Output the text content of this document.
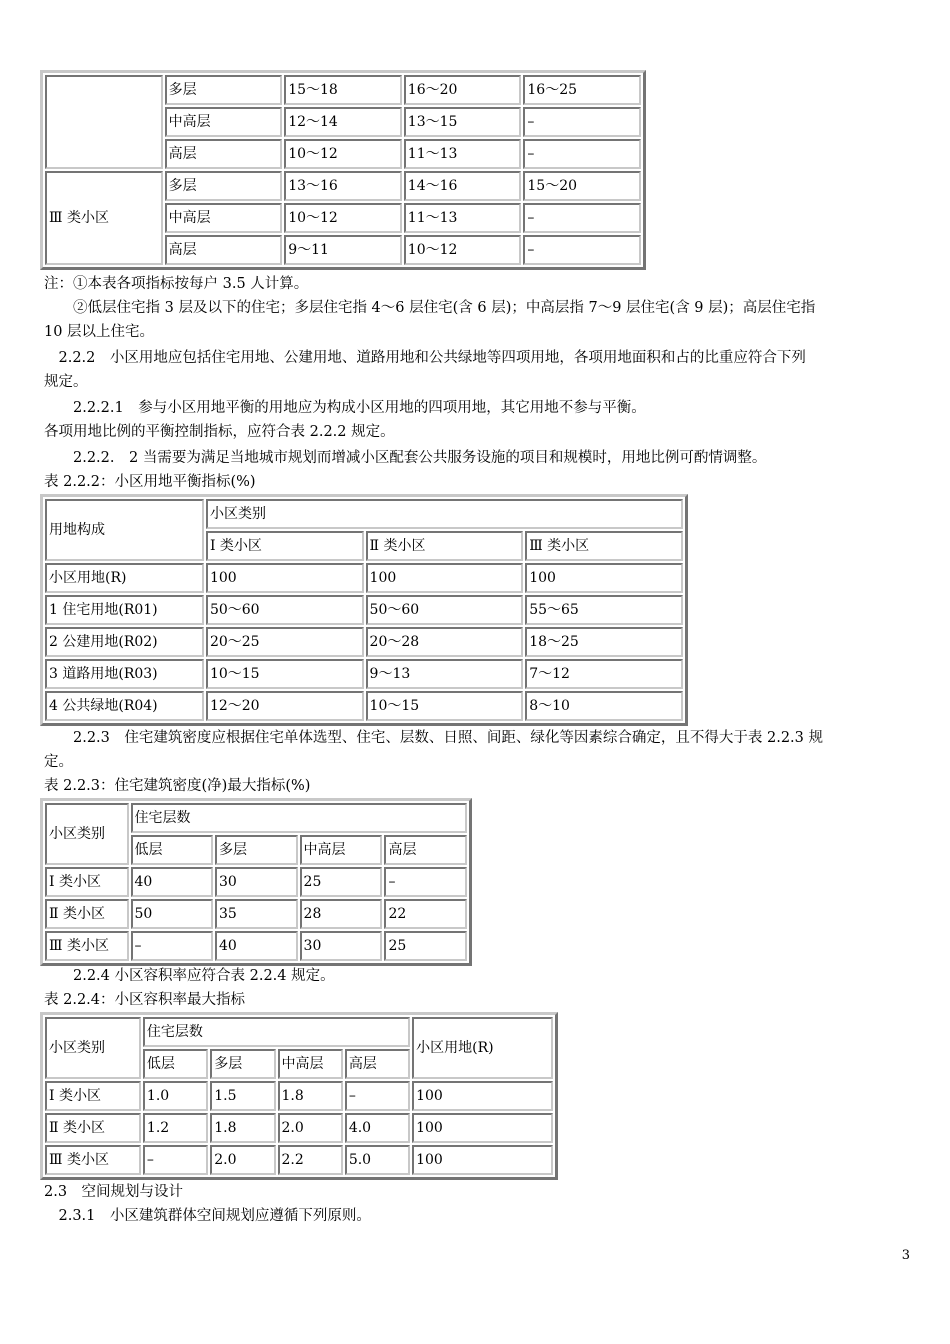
	多层	15～18	16～20	16～25
	中高层	12～14	13～15	–
	高层	10～12	11～13	–
Ⅲ 类小区	多层	13～16	14～16	15～20
	中高层	10～12	11～13	–
	高层	9～11	10～12	–
注：①本表各项指标按每户 3.5 人计算。
　　②低层住宅指 3 层及以下的住宅；多层住宅指 4～6 层住宅(含 6 层)；中高层指 7～9 层住宅(含 9 层)；高层住宅指
10 层以上住宅。
　2.2.2　小区用地应包括住宅用地、公建用地、道路用地和公共绿地等四项用地，各项用地面积和占的比重应符合下列
规定。
　　2.2.2.1　参与小区用地平衡的用地应为构成小区用地的四项用地，其它用地不参与平衡。
各项用地比例的平衡控制指标，应符合表 2.2.2 规定。
　　2.2.2.　2 当需要为满足当地城市规划而增减小区配套公共服务设施的项目和规模时，用地比例可酌情调整。
表 2.2.2：小区用地平衡指标(%)
用地构成	小区类别		
	Ⅰ 类小区	Ⅱ 类小区	Ⅲ 类小区
小区用地(R)	100	100	100
1 住宅用地(R01)	50～60	50～60	55～65
2 公建用地(R02)	20～25	20～28	18～25
3 道路用地(R03)	10～15	9～13	7～12
4 公共绿地(R04)	12～20	10～15	8～10
　　2.2.3　住宅建筑密度应根据住宅单体选型、住宅、层数、日照、间距、绿化等因素综合确定，且不得大于表 2.2.3 规
定。
表 2.2.3：住宅建筑密度(净)最大指标(%)
小区类别	住宅层数			
	低层	多层	中高层	高层
Ⅰ 类小区	40	30	25	–
Ⅱ 类小区	50	35	28	22
Ⅲ 类小区	–	40	30	25
　　2.2.4 小区容积率应符合表 2.2.4 规定。
表 2.2.4：小区容积率最大指标
小区类别	住宅层数				小区用地(R)
	低层	多层	中高层	高层	
Ⅰ 类小区	1.0	1.5	1.8	–	100
Ⅱ 类小区	1.2	1.8	2.0	4.0	100
Ⅲ 类小区	–	2.0	2.2	5.0	100
2.3　空间规划与设计
　2.3.1　小区建筑群体空间规划应遵循下列原则。
3
